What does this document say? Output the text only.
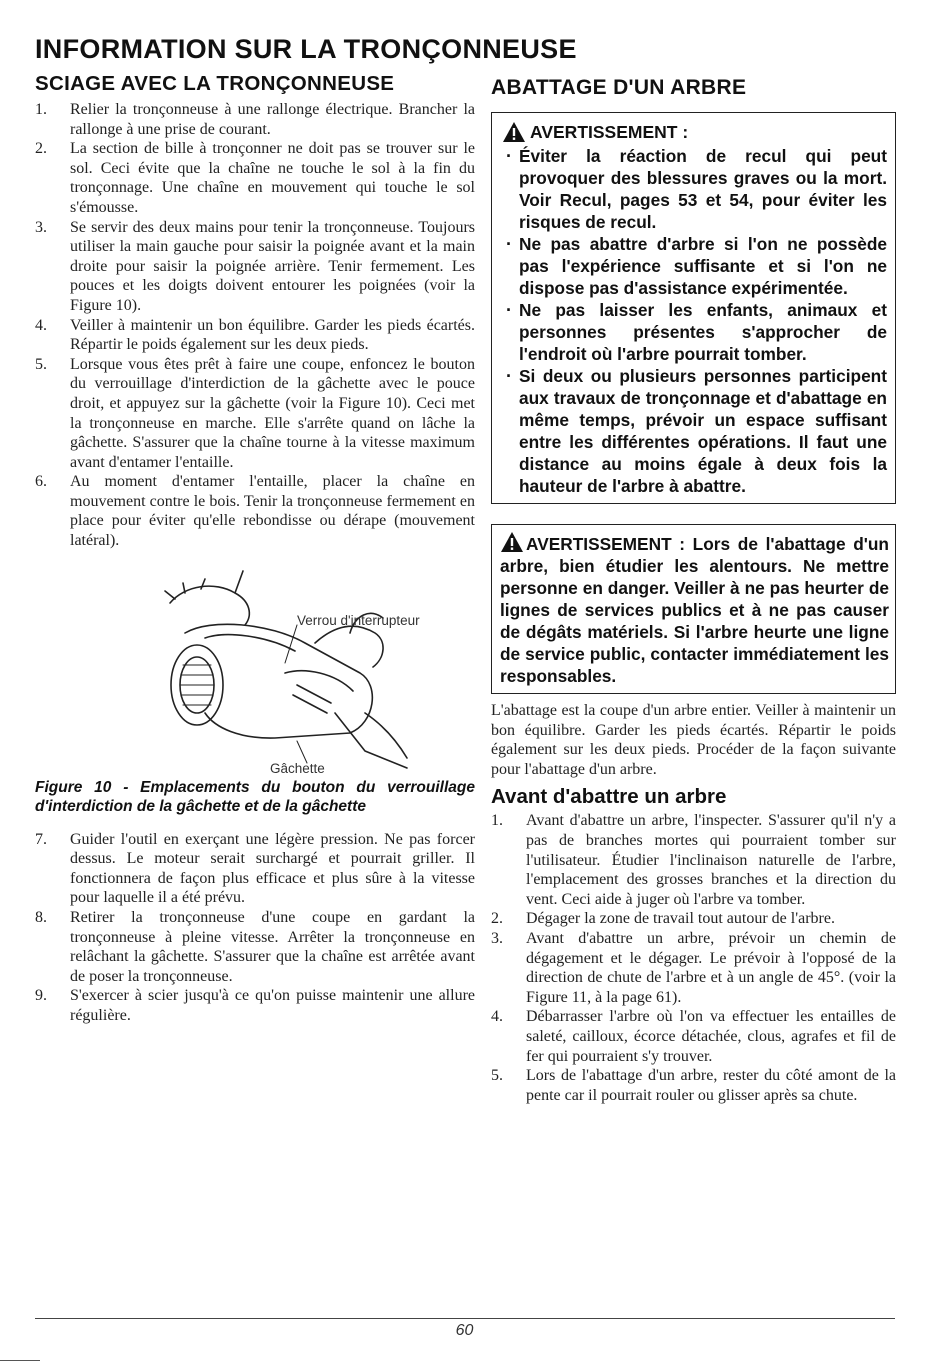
INFORMATION SUR LA TRONÇONNEUSE
SCIAGE AVEC LA TRONÇONNEUSE
1. Relier la tronçonneuse à une rallonge électrique. Brancher la rallonge à une prise de courant.
2. La section de bille à tronçonner ne doit pas se trouver sur le sol. Ceci évite que la chaîne ne touche le sol à la fin du tronçonnage. Une chaîne en mouvement qui touche le sol s'émousse.
3. Se servir des deux mains pour tenir la tronçonneuse. Toujours utiliser la main gauche pour saisir la poignée avant et la main droite pour saisir la poignée arrière. Tenir fermement. Les pouces et les doigts doivent entourer les poignées (voir la Figure 10).
4. Veiller à maintenir un bon équilibre. Garder les pieds écartés. Répartir le poids également sur les deux pieds.
5. Lorsque vous êtes prêt à faire une coupe, enfoncez le bouton du verrouillage d'interdiction de la gâchette avec le pouce droit, et appuyez sur la gâchette (voir la Figure 10). Ceci met la tronçonneuse en marche. Elle s'arrête quand on lâche la gâchette. S'assurer que la chaîne tourne à la vitesse maximum avant d'entamer l'entaille.
6. Au moment d'entamer l'entaille, placer la chaîne en mouvement contre le bois. Tenir la tronçonneuse fermement en place pour éviter qu'elle rebondisse ou dérape (mouvement latéral).
Verrou d'interrupteur
Gâchette

Figure 10 - Emplacements du bouton du verrouillage d'interdiction de la gâchette et de la gâchette

7. Guider l'outil en exerçant une légère pression. Ne pas forcer dessus. Le moteur serait surchargé et pourrait griller. Il fonctionnera de façon plus efficace et plus sûre à la vitesse pour laquelle il a été prévu.
8. Retirer la tronçonneuse d'une coupe en gardant la tronçonneuse à pleine vitesse. Arrêter la tronçonneuse en relâchant la gâchette. S'assurer que la chaîne est arrêtée avant de poser la tronçonneuse.
9. S'exercer à scier jusqu'à ce qu'on puisse maintenir une allure régulière.
ABATTAGE D'UN ARBRE
AVERTISSEMENT :
· Éviter la réaction de recul qui peut provoquer des blessures graves ou la mort. Voir Recul, pages 53 et 54, pour éviter les risques de recul.
· Ne pas abattre d'arbre si l'on ne possède pas l'expérience suffisante et si l'on ne dispose pas d'assistance expérimentée.
· Ne pas laisser les enfants, animaux et personnes présentes s'approcher de l'endroit où l'arbre pourrait tomber.
· Si deux ou plusieurs personnes participent aux travaux de tronçonnage et d'abattage en même temps, prévoir un espace suffisant entre les différentes opérations. Il faut une distance au moins égale à deux fois la hauteur de l'arbre à abattre.
AVERTISSEMENT : Lors de l'abattage d'un arbre, bien étudier les alentours. Ne mettre personne en danger. Veiller à ne pas heurter de lignes de services publics et à ne pas causer de dégâts matériels. Si l'arbre heurte une ligne de service public, contacter immédiatement les responsables.

L'abattage est la coupe d'un arbre entier. Veiller à maintenir un bon équilibre. Garder les pieds écartés. Répartir le poids également sur les deux pieds. Procéder de la façon suivante pour l'abattage d'un arbre.

Avant d'abattre un arbre
1. Avant d'abattre un arbre, l'inspecter. S'assurer qu'il n'y a pas de branches mortes qui pourraient tomber sur l'utilisateur. Étudier l'inclinaison naturelle de l'arbre, l'emplacement des grosses branches et la direction du vent. Ceci aide à juger où l'arbre va tomber.
2. Dégager la zone de travail tout autour de l'arbre.
3. Avant d'abattre un arbre, prévoir un chemin de dégagement et le dégager. Le prévoir à l'opposé de la direction de chute de l'arbre et à un angle de 45°. (voir la Figure 11, à la page 61).
4. Débarrasser l'arbre où l'on va effectuer les entailles de saleté, cailloux, écorce détachée, clous, agrafes et fil de fer qui pourraient s'y trouver.
5. Lors de l'abattage d'un arbre, rester du côté amont de la pente car il pourrait rouler ou glisser après sa chute.
60
